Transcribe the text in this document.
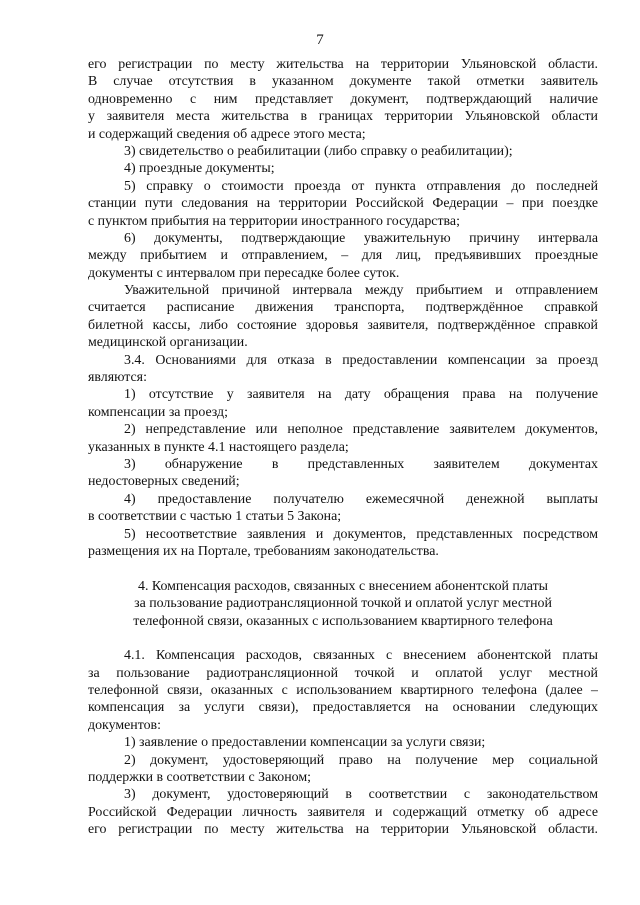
7
его регистрации по месту жительства на территории Ульяновской области.
В случае отсутствия в указанном документе такой отметки заявитель
одновременно с ним представляет документ, подтверждающий наличие
у заявителя места жительства в границах территории Ульяновской области
и содержащий сведения об адресе этого места;
3) свидетельство о реабилитации (либо справку о реабилитации);
4) проездные документы;
5) справку о стоимости проезда от пункта отправления до последней
станции пути следования на территории Российской Федерации – при поездке
с пунктом прибытия на территории иностранного государства;
6) документы, подтверждающие уважительную причину интервала
между прибытием и отправлением, – для лиц, предъявивших проездные
документы с интервалом при пересадке более суток.
Уважительной причиной интервала между прибытием и отправлением
считается расписание движения транспорта, подтверждённое справкой
билетной кассы, либо состояние здоровья заявителя, подтверждённое справкой
медицинской организации.
3.4. Основаниями для отказа в предоставлении компенсации за проезд
являются:
1) отсутствие у заявителя на дату обращения права на получение
компенсации за проезд;
2) непредставление или неполное представление заявителем документов,
указанных в пункте 4.1 настоящего раздела;
3) обнаружение в представленных заявителем документах
недостоверных сведений;
4) предоставление получателю ежемесячной денежной выплаты
в соответствии с частью 1 статьи 5 Закона;
5) несоответствие заявления и документов, представленных посредством
размещения их на Портале, требованиям законодательства.
4. Компенсация расходов, связанных с внесением абонентской платы
за пользование радиотрансляционной точкой и оплатой услуг местной
телефонной связи, оказанных с использованием квартирного телефона
4.1. Компенсация расходов, связанных с внесением абонентской платы
за пользование радиотрансляционной точкой и оплатой услуг местной
телефонной связи, оказанных с использованием квартирного телефона (далее –
компенсация за услуги связи), предоставляется на основании следующих
документов:
1) заявление о предоставлении компенсации за услуги связи;
2) документ, удостоверяющий право на получение мер социальной
поддержки в соответствии с Законом;
3) документ, удостоверяющий в соответствии с законодательством
Российской Федерации личность заявителя и содержащий отметку об адресе
его регистрации по месту жительства на территории Ульяновской области.
